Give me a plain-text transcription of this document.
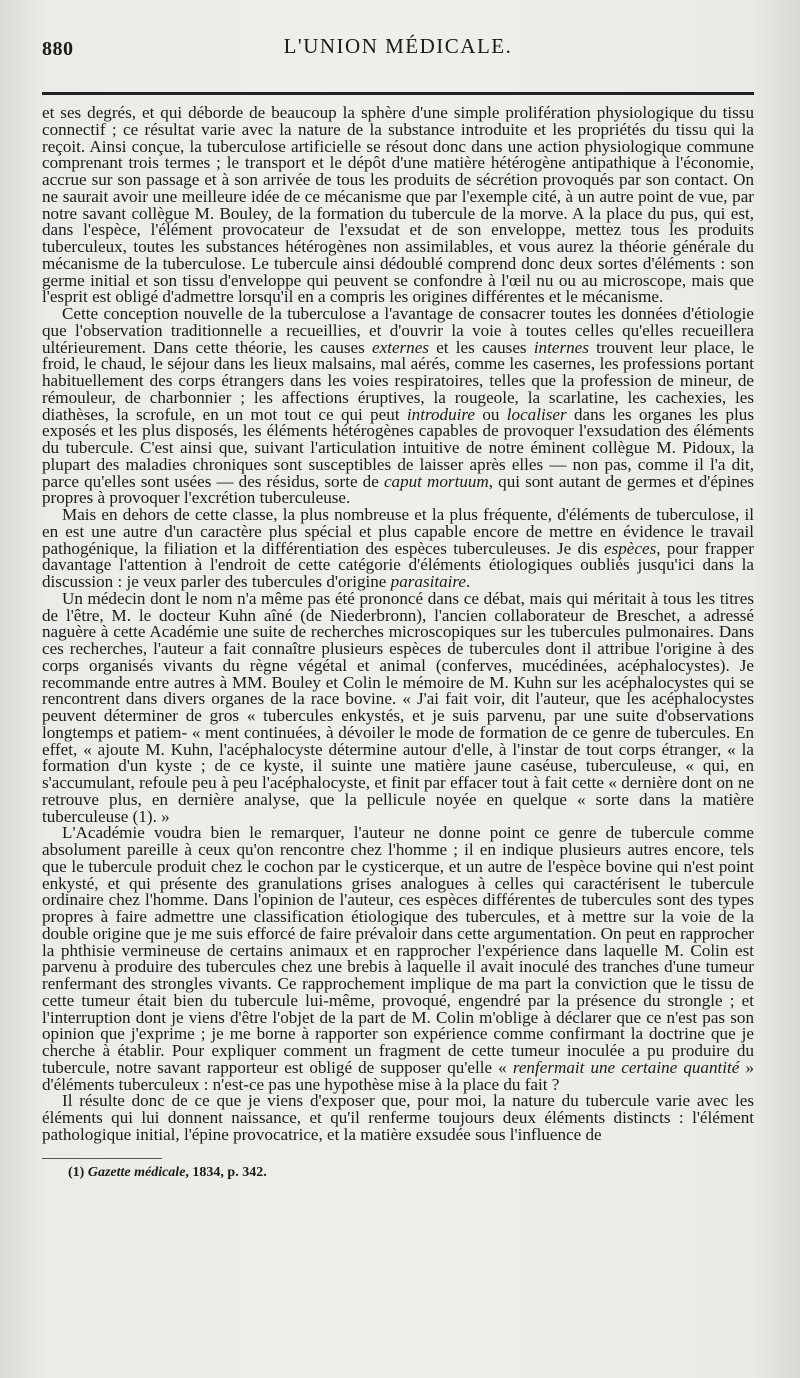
880	L'UNION MÉDICALE.

et ses degrés, et qui déborde de beaucoup la sphère d'une simple prolifération physiologique du tissu connectif ; ce résultat varie avec la nature de la substance introduite et les propriétés du tissu qui la reçoit. Ainsi conçue, la tuberculose artificielle se résout donc dans une action physiologique commune comprenant trois termes ; le transport et le dépôt d'une matière hétérogène antipathique à l'économie, accrue sur son passage et à son arrivée de tous les produits de sécrétion provoqués par son contact. On ne saurait avoir une meilleure idée de ce mécanisme que par l'exemple cité, à un autre point de vue, par notre savant collègue M. Bouley, de la formation du tubercule de la morve. A la place du pus, qui est, dans l'espèce, l'élément provocateur de l'exsudat et de son enveloppe, mettez tous les produits tuberculeux, toutes les substances hétérogènes non assimilables, et vous aurez la théorie générale du mécanisme de la tuberculose. Le tubercule ainsi dédoublé comprend donc deux sortes d'éléments : son germe initial et son tissu d'enveloppe qui peuvent se confondre à l'œil nu ou au microscope, mais que l'esprit est obligé d'admettre lorsqu'il en a compris les origines différentes et le mécanisme.

Cette conception nouvelle de la tuberculose a l'avantage de consacrer toutes les données d'étiologie que l'observation traditionnelle a recueillies, et d'ouvrir la voie à toutes celles qu'elles recueillera ultérieurement. Dans cette théorie, les causes externes et les causes internes trouvent leur place, le froid, le chaud, le séjour dans les lieux malsains, mal aérés, comme les casernes, les professions portant habituellement des corps étrangers dans les voies respiratoires, telles que la profession de mineur, de rémouleur, de charbonnier ; les affections éruptives, la rougeole, la scarlatine, les cachexies, les diathèses, la scrofule, en un mot tout ce qui peut introduire ou localiser dans les organes les plus exposés et les plus disposés, les éléments hétérogènes capables de provoquer l'exsudation des éléments du tubercule. C'est ainsi que, suivant l'articulation intuitive de notre éminent collègue M. Pidoux, la plupart des maladies chroniques sont susceptibles de laisser après elles — non pas, comme il l'a dit, parce qu'elles sont usées — des résidus, sorte de caput mortuum, qui sont autant de germes et d'épines propres à provoquer l'excrétion tuberculeuse.

Mais en dehors de cette classe, la plus nombreuse et la plus fréquente, d'éléments de tuberculose, il en est une autre d'un caractère plus spécial et plus capable encore de mettre en évidence le travail pathogénique, la filiation et la différentiation des espèces tuberculeuses. Je dis espèces, pour frapper davantage l'attention à l'endroit de cette catégorie d'éléments étiologiques oubliés jusqu'ici dans la discussion : je veux parler des tubercules d'origine parasitaire.

Un médecin dont le nom n'a même pas été prononcé dans ce débat, mais qui méritait à tous les titres de l'être, M. le docteur Kuhn aîné (de Niederbronn), l'ancien collaborateur de Breschet, a adressé naguère à cette Académie une suite de recherches microscopiques sur les tubercules pulmonaires. Dans ces recherches, l'auteur a fait connaître plusieurs espèces de tubercules dont il attribue l'origine à des corps organisés vivants du règne végétal et animal (conferves, mucédinées, acéphalocystes). Je recommande entre autres à MM. Bouley et Colin le mémoire de M. Kuhn sur les acéphalocystes qui se rencontrent dans divers organes de la race bovine. « J'ai fait voir, dit l'auteur, que les acéphalocystes peuvent déterminer de gros « tubercules enkystés, et je suis parvenu, par une suite d'observations longtemps et patiem- « ment continuées, à dévoiler le mode de formation de ce genre de tubercules. En effet, « ajoute M. Kuhn, l'acéphalocyste détermine autour d'elle, à l'instar de tout corps étranger, « la formation d'un kyste ; de ce kyste, il suinte une matière jaune caséuse, tuberculeuse, « qui, en s'accumulant, refoule peu à peu l'acéphalocyste, et finit par effacer tout à fait cette « dernière dont on ne retrouve plus, en dernière analyse, que la pellicule noyée en quelque « sorte dans la matière tuberculeuse (1). »

L'Académie voudra bien le remarquer, l'auteur ne donne point ce genre de tubercule comme absolument pareille à ceux qu'on rencontre chez l'homme ; il en indique plusieurs autres encore, tels que le tubercule produit chez le cochon par le cysticerque, et un autre de l'espèce bovine qui n'est point enkysté, et qui présente des granulations grises analogues à celles qui caractérisent le tubercule ordinaire chez l'homme. Dans l'opinion de l'auteur, ces espèces différentes de tubercules sont des types propres à faire admettre une classification étiologique des tubercules, et à mettre sur la voie de la double origine que je me suis efforcé de faire prévaloir dans cette argumentation. On peut en rapprocher la phthisie vermineuse de certains animaux et en rapprocher l'expérience dans laquelle M. Colin est parvenu à produire des tubercules chez une brebis à laquelle il avait inoculé des tranches d'une tumeur renfermant des strongles vivants. Ce rapprochement implique de ma part la conviction que le tissu de cette tumeur était bien du tubercule lui-même, provoqué, engendré par la présence du strongle ; et l'interruption dont je viens d'être l'objet de la part de M. Colin m'oblige à déclarer que ce n'est pas son opinion que j'exprime ; je me borne à rapporter son expérience comme confirmant la doctrine que je cherche à établir. Pour expliquer comment un fragment de cette tumeur inoculée a pu produire du tubercule, notre savant rapporteur est obligé de supposer qu'elle « renfermait une certaine quantité » d'éléments tuberculeux : n'est-ce pas une hypothèse mise à la place du fait ?

Il résulte donc de ce que je viens d'exposer que, pour moi, la nature du tubercule varie avec les éléments qui lui donnent naissance, et qu'il renferme toujours deux éléments distincts : l'élément pathologique initial, l'épine provocatrice, et la matière exsudée sous l'influence de

(1) Gazette médicale, 1834, p. 342.
